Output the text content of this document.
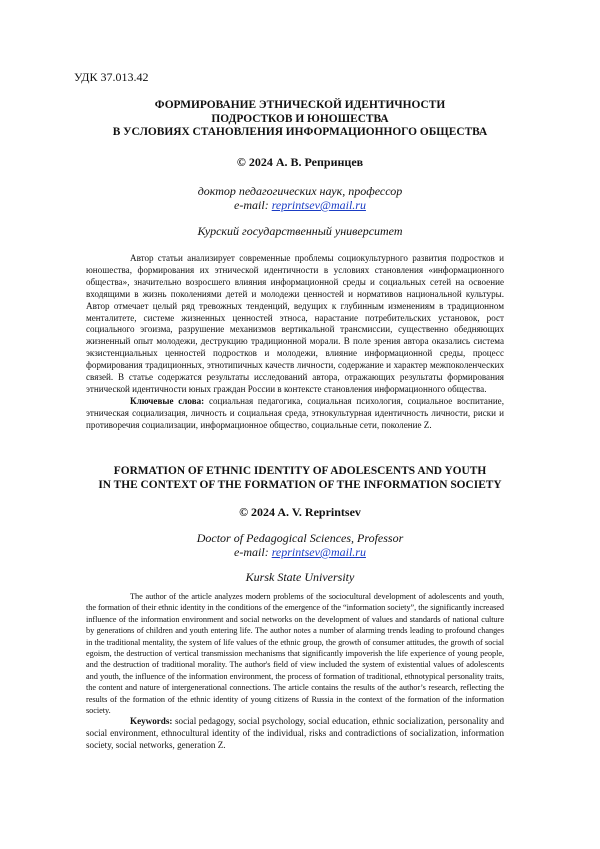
УДК 37.013.42
ФОРМИРОВАНИЕ ЭТНИЧЕСКОЙ ИДЕНТИЧНОСТИ
ПОДРОСТКОВ И ЮНОШЕСТВА
В УСЛОВИЯХ СТАНОВЛЕНИЯ ИНФОРМАЦИОННОГО ОБЩЕСТВА
© 2024 А. В. Репринцев
доктор педагогических наук, профессор
e-mail: reprintsev@mail.ru
Курский государственный университет

Автор статьи анализирует современные проблемы социокультурного развития подростков и юношества, формирования их этнической идентичности в условиях становления «информационного общества», значительно возросшего влияния информационной среды и социальных сетей на освоение входящими в жизнь поколениями детей и молодежи ценностей и нормативов национальной культуры. Автор отмечает целый ряд тревожных тенденций, ведущих к глубинным изменениям в традиционном менталитете, системе жизненных ценностей этноса, нарастание потребительских установок, рост социального эгоизма, разрушение механизмов вертикальной трансмиссии, существенно обедняющих жизненный опыт молодежи, деструкцию традиционной морали. В поле зрения автора оказались система экзистенциальных ценностей подростков и молодежи, влияние информационной среды, процесс формирования традиционных, этнотипичных качеств личности, содержание и характер межпоколенческих связей. В статье содержатся результаты исследований автора, отражающих результаты формирования этнической идентичности юных граждан России в контексте становления информационного общества.

Ключевые слова: социальная педагогика, социальная психология, социальное воспитание, этническая социализация, личность и социальная среда, этнокультурная идентичность личности, риски и противоречия социализации, информационное общество, социальные сети, поколение Z.

FORMATION OF ETHNIC IDENTITY OF ADOLESCENTS AND YOUTH
IN THE CONTEXT OF THE FORMATION OF THE INFORMATION SOCIETY
© 2024 A. V. Reprintsev
Doctor of Pedagogical Sciences, Professor
e-mail: reprintsev@mail.ru
Kursk State University

The author of the article analyzes modern problems of the sociocultural development of adolescents and youth, the formation of their ethnic identity in the conditions of the emergence of the “information society”, the significantly increased influence of the information environment and social networks on the development of values and standards of national culture by generations of children and youth entering life. The author notes a number of alarming trends leading to profound changes in the traditional mentality, the system of life values of the ethnic group, the growth of consumer attitudes, the growth of social egoism, the destruction of vertical transmission mechanisms that significantly impoverish the life experience of young people, and the destruction of traditional morality. The author's field of view included the system of existential values of adolescents and youth, the influence of the information environment, the process of formation of traditional, ethnotypical personality traits, the content and nature of intergenerational connections. The article contains the results of the author’s research, reflecting the results of the formation of the ethnic identity of young citizens of Russia in the context of the formation of the information society.

Keywords: social pedagogy, social psychology, social education, ethnic socialization, personality and social environment, ethnocultural identity of the individual, risks and contradictions of socialization, information society, social networks, generation Z.
